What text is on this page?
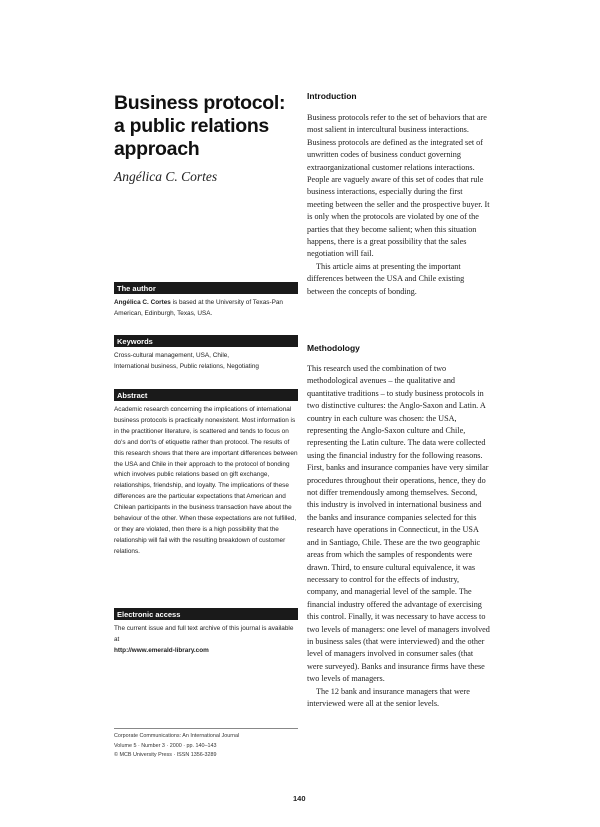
Business protocol:
a public relations
approach
Angélica C. Cortes
The author
Angélica C. Cortes is based at the University of Texas-Pan American, Edinburgh, Texas, USA.
Keywords
Cross-cultural management, USA, Chile,
International business, Public relations, Negotiating
Abstract
Academic research concerning the implications of international business protocols is practically nonexistent. Most information is in the practitioner literature, is scattered and tends to focus on do's and don'ts of etiquette rather than protocol. The results of this research shows that there are important differences between the USA and Chile in their approach to the protocol of bonding which involves public relations based on gift exchange, relationships, friendship, and loyalty. The implications of these differences are the particular expectations that American and Chilean participants in the business transaction have about the behaviour of the other. When these expectations are not fulfilled, or they are violated, then there is a high possibility that the relationship will fail with the resulting breakdown of customer relations.
Electronic access
The current issue and full text archive of this journal is available at
http://www.emerald-library.com
Corporate Communications: An International Journal
Volume 5 · Number 3 · 2000 · pp. 140–143
© MCB University Press · ISSN 1356-3289
Introduction

Business protocols refer to the set of behaviors that are most salient in intercultural business interactions. Business protocols are defined as the integrated set of unwritten codes of business conduct governing extraorganizational customer relations interactions. People are vaguely aware of this set of codes that rule business interactions, especially during the first meeting between the seller and the prospective buyer. It is only when the protocols are violated by one of the parties that they become salient; when this situation happens, there is a great possibility that the sales negotiation will fail.

This article aims at presenting the important differences between the USA and Chile existing between the concepts of bonding.

Methodology

This research used the combination of two methodological avenues – the qualitative and quantitative traditions – to study business protocols in two distinctive cultures: the Anglo-Saxon and Latin. A country in each culture was chosen: the USA, representing the Anglo-Saxon culture and Chile, representing the Latin culture. The data were collected using the financial industry for the following reasons. First, banks and insurance companies have very similar procedures throughout their operations, hence, they do not differ tremendously among themselves. Second, this industry is involved in international business and the banks and insurance companies selected for this research have operations in Connecticut, in the USA and in Santiago, Chile. These are the two geographic areas from which the samples of respondents were drawn. Third, to ensure cultural equivalence, it was necessary to control for the effects of industry, company, and managerial level of the sample. The financial industry offered the advantage of exercising this control. Finally, it was necessary to have access to two levels of managers: one level of managers involved in business sales (that were interviewed) and the other level of managers involved in consumer sales (that were surveyed). Banks and insurance firms have these two levels of managers.

The 12 bank and insurance managers that were interviewed were all at the senior levels.

140
